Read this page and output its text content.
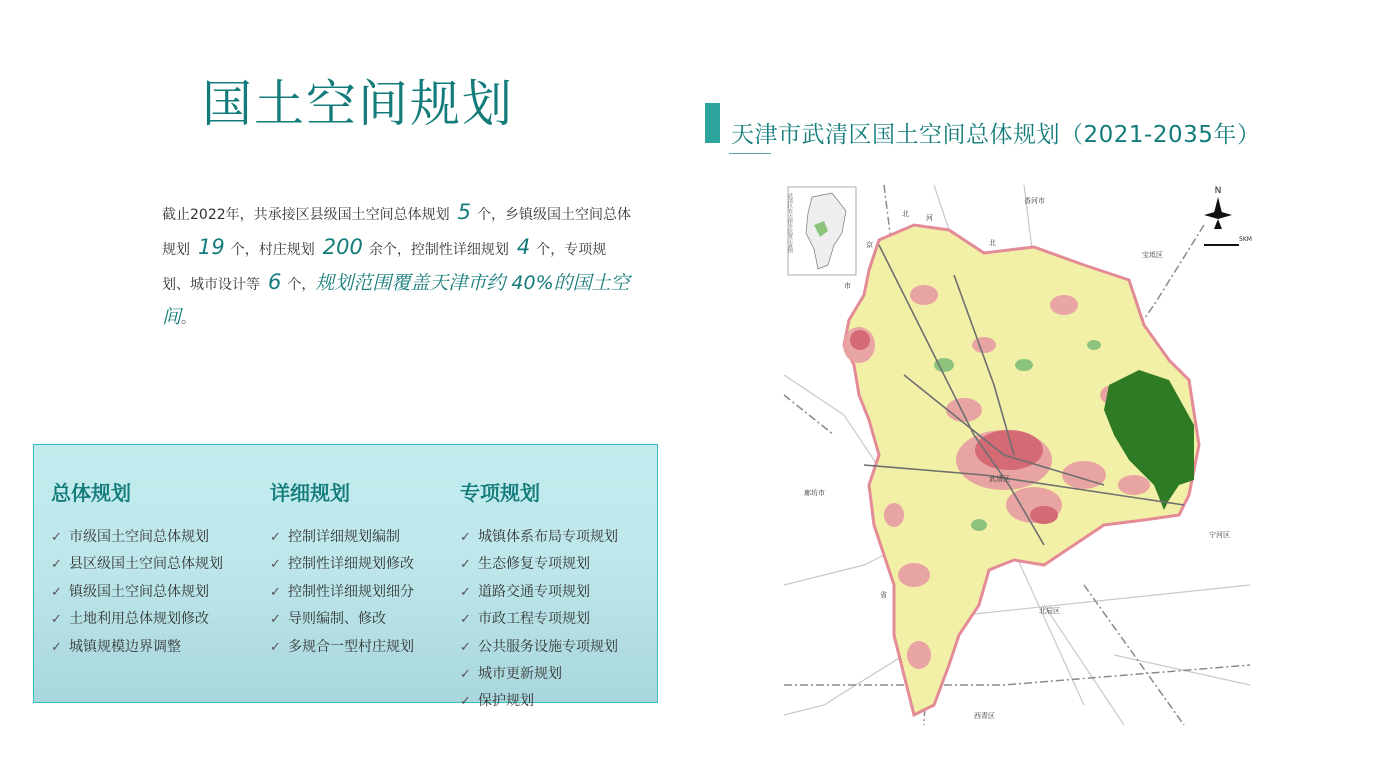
国土空间规划
截止2022年，共承接区县级国土空间总体规划 5 个，乡镇级国土空间总体规划 19 个，村庄规划 200 余个，控制性详细规划 4 个，专项规划、城市设计等 6 个，规划范围覆盖天津市约 40%的国土空间。
总体规划
✓ 市级国土空间总体规划
✓ 县区级国土空间总体规划
✓ 镇级国土空间总体规划
✓ 土地利用总体规划修改
✓ 城镇规模边界调整
详细规划
✓ 控制详细规划编制
✓ 控制性详细规划修改
✓ 控制性详细规划细分
✓ 导则编制、修改
✓ 多规合一型村庄规划
专项规划
✓ 城镇体系布局专项规划
✓ 生态修复专项规划
✓ 道路交通专项规划
✓ 市政工程专项规划
✓ 公共服务设施专项规划
✓ 城市更新规划
✓ 保护规划
天津市武清区国土空间总体规划（2021-2035年）
武清区在天津市位置示意图
N
5KM
香河市
宝坻区
廊坊市
宁河区
北辰区
西青区
武清区
北
京
市
河
北
省
